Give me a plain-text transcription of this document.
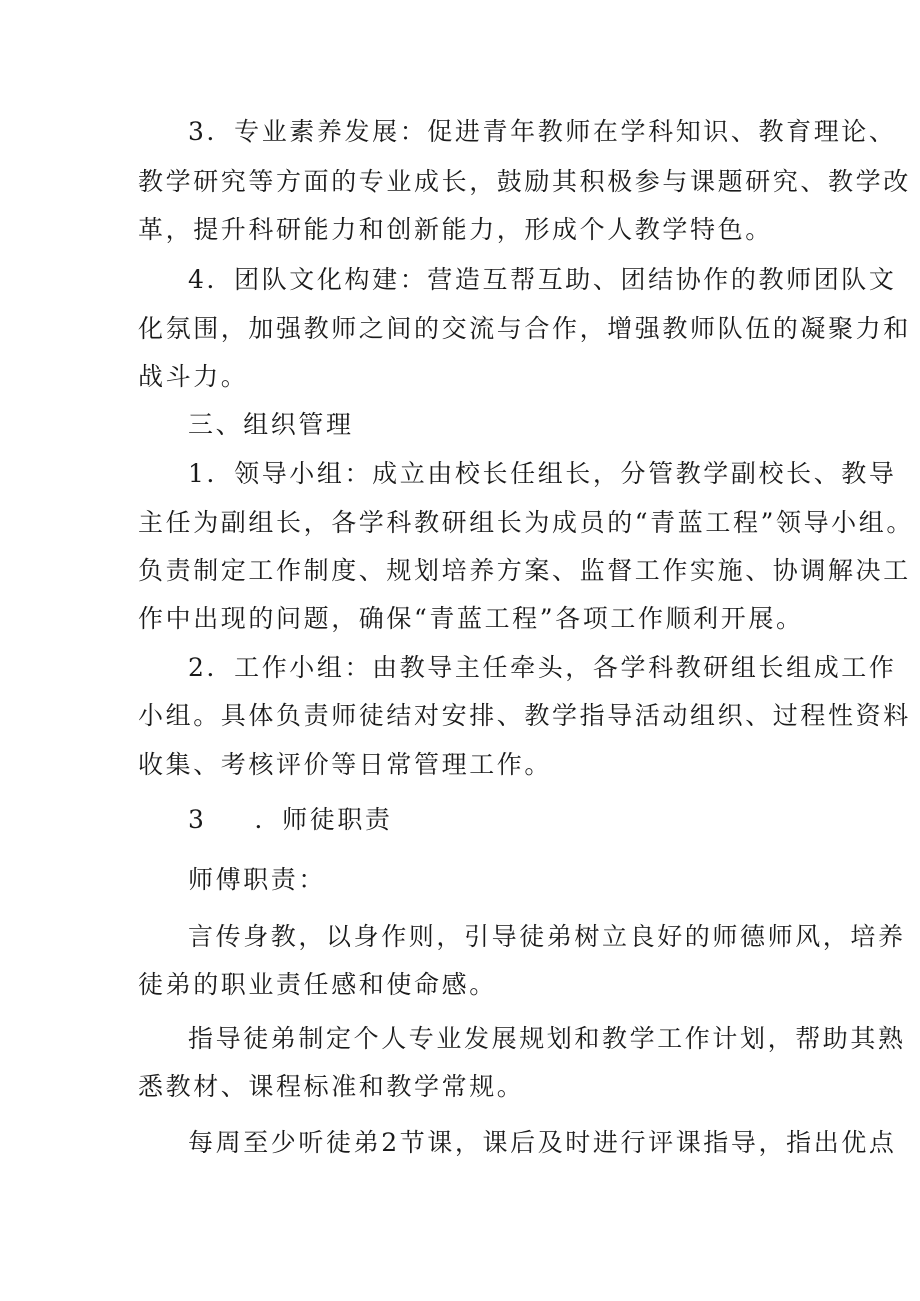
3．专业素养发展：促进青年教师在学科知识、教育理论、
教学研究等方面的专业成长，鼓励其积极参与课题研究、教学改
革，提升科研能力和创新能力，形成个人教学特色。
4．团队文化构建：营造互帮互助、团结协作的教师团队文
化氛围，加强教师之间的交流与合作，增强教师队伍的凝聚力和
战斗力。
三、组织管理
1．领导小组：成立由校长任组长，分管教学副校长、教导
主任为副组长，各学科教研组长为成员的“青蓝工程”领导小组。
负责制定工作制度、规划培养方案、监督工作实施、协调解决工
作中出现的问题，确保“青蓝工程”各项工作顺利开展。
2．工作小组：由教导主任牵头，各学科教研组长组成工作
小组。具体负责师徒结对安排、教学指导活动组织、过程性资料
收集、考核评价等日常管理工作。
3 ．师徒职责
师傅职责：
言传身教，以身作则，引导徒弟树立良好的师德师风，培养
徒弟的职业责任感和使命感。
指导徒弟制定个人专业发展规划和教学工作计划，帮助其熟
悉教材、课程标准和教学常规。
每周至少听徒弟2节课，课后及时进行评课指导，指出优点
